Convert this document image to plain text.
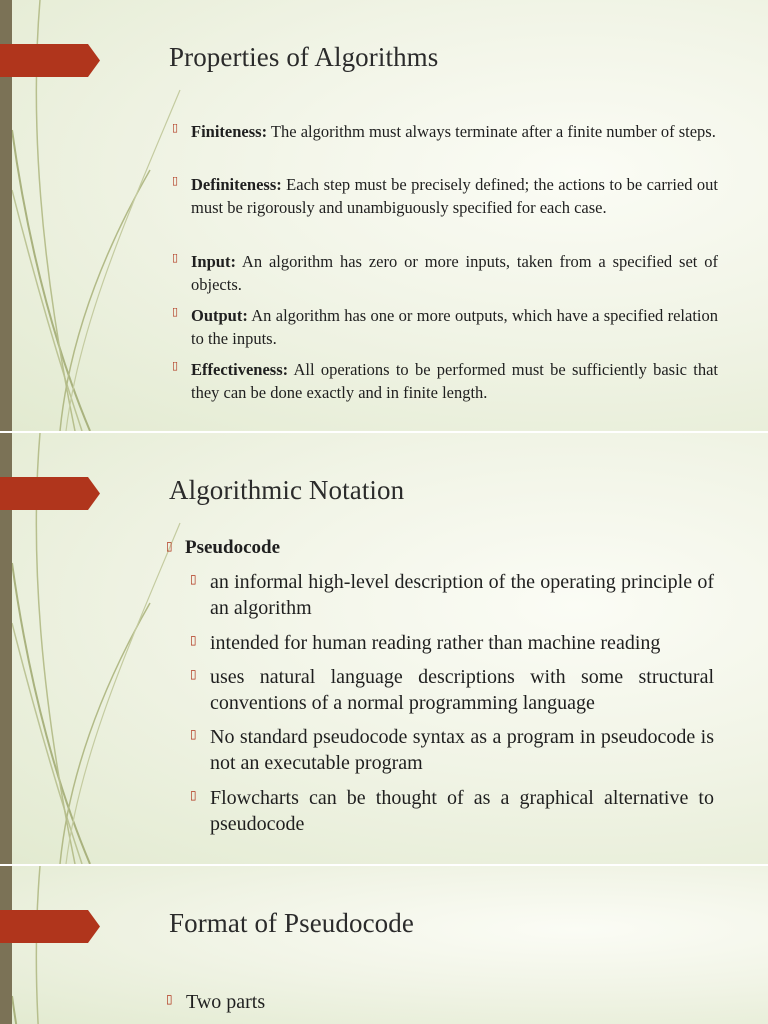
Properties of Algorithms
▯ Finiteness: The algorithm must always terminate after a finite number of steps.
▯ Definiteness: Each step must be precisely defined; the actions to be carried out must be rigorously and unambiguously specified for each case.
▯ Input: An algorithm has zero or more inputs, taken from a specified set of objects.
▯ Output: An algorithm has one or more outputs, which have a specified relation to the inputs.
▯ Effectiveness: All operations to be performed must be sufficiently basic that they can be done exactly and in finite length.
Algorithmic Notation
▯ Pseudocode
▯ an informal high-level description of the operating principle of an algorithm
▯ intended for human reading rather than machine reading
▯ uses natural language descriptions with some structural conventions of a normal programming language
▯ No standard pseudocode syntax as a program in pseudocode is not an executable program
▯ Flowcharts can be thought of as a graphical alternative to pseudocode
Format of Pseudocode
▯ Two parts
